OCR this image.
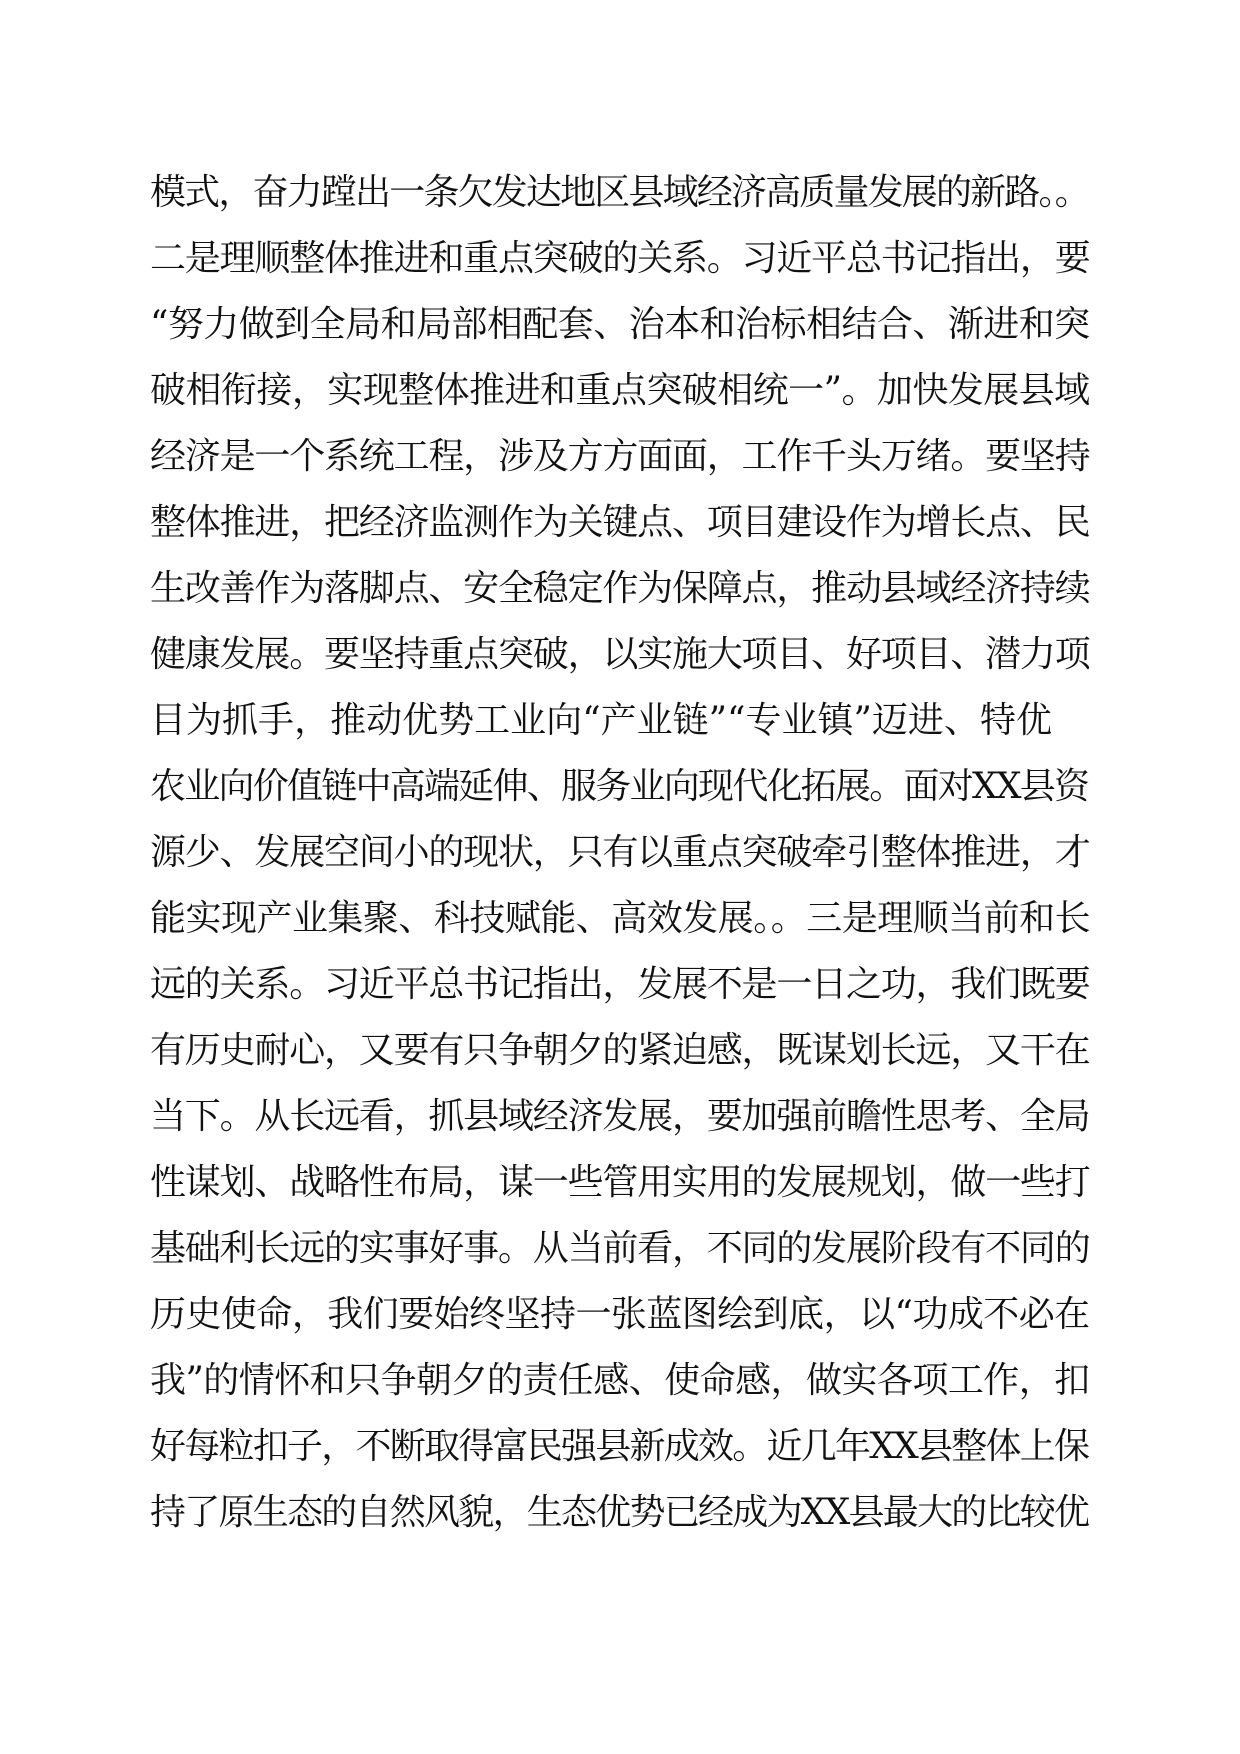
模式，奋力蹚出一条欠发达地区县域经济高质量发展的新路。。
二是理顺整体推进和重点突破的关系。习近平总书记指出，要
“努力做到全局和局部相配套、治本和治标相结合、渐进和突
破相衔接，实现整体推进和重点突破相统一”。加快发展县域
经济是一个系统工程，涉及方方面面，工作千头万绪。要坚持
整体推进，把经济监测作为关键点、项目建设作为增长点、民
生改善作为落脚点、安全稳定作为保障点，推动县域经济持续
健康发展。要坚持重点突破，以实施大项目、好项目、潜力项
目为抓手，推动优势工业向“产业链”“专业镇”迈进、特优
农业向价值链中高端延伸、服务业向现代化拓展。面对XX县资
源少、发展空间小的现状，只有以重点突破牵引整体推进，才
能实现产业集聚、科技赋能、高效发展。。三是理顺当前和长
远的关系。习近平总书记指出，发展不是一日之功，我们既要
有历史耐心，又要有只争朝夕的紧迫感，既谋划长远，又干在
当下。从长远看，抓县域经济发展，要加强前瞻性思考、全局
性谋划、战略性布局，谋一些管用实用的发展规划，做一些打
基础利长远的实事好事。从当前看，不同的发展阶段有不同的
历史使命，我们要始终坚持一张蓝图绘到底，以“功成不必在
我”的情怀和只争朝夕的责任感、使命感，做实各项工作，扣
好每粒扣子，不断取得富民强县新成效。近几年XX县整体上保
持了原生态的自然风貌，生态优势已经成为XX县最大的比较优
